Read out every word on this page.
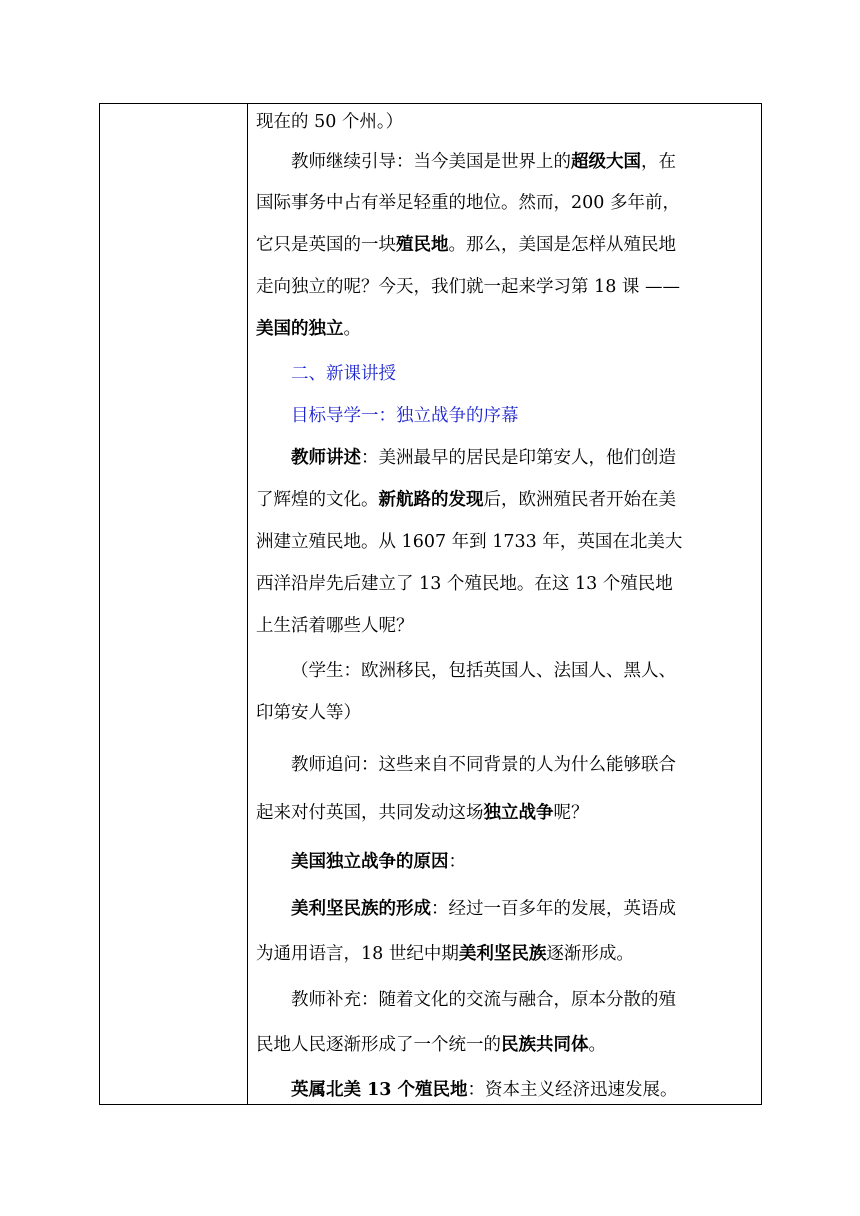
现在的 50 个州。）
教师继续引导：当今美国是世界上的超级大国，在
国际事务中占有举足轻重的地位。然而，200 多年前，
它只是英国的一块殖民地。那么，美国是怎样从殖民地
走向独立的呢？今天，我们就一起来学习第 18 课 ——
美国的独立。
二、新课讲授
目标导学一：独立战争的序幕
教师讲述：美洲最早的居民是印第安人，他们创造
了辉煌的文化。新航路的发现后，欧洲殖民者开始在美
洲建立殖民地。从 1607 年到 1733 年，英国在北美大
西洋沿岸先后建立了 13 个殖民地。在这 13 个殖民地
上生活着哪些人呢？
（学生：欧洲移民，包括英国人、法国人、黑人、
印第安人等）
教师追问：这些来自不同背景的人为什么能够联合
起来对付英国，共同发动这场独立战争呢？
美国独立战争的原因：
美利坚民族的形成：经过一百多年的发展，英语成
为通用语言，18 世纪中期美利坚民族逐渐形成。
教师补充：随着文化的交流与融合，原本分散的殖
民地人民逐渐形成了一个统一的民族共同体。
英属北美 13 个殖民地：资本主义经济迅速发展。
